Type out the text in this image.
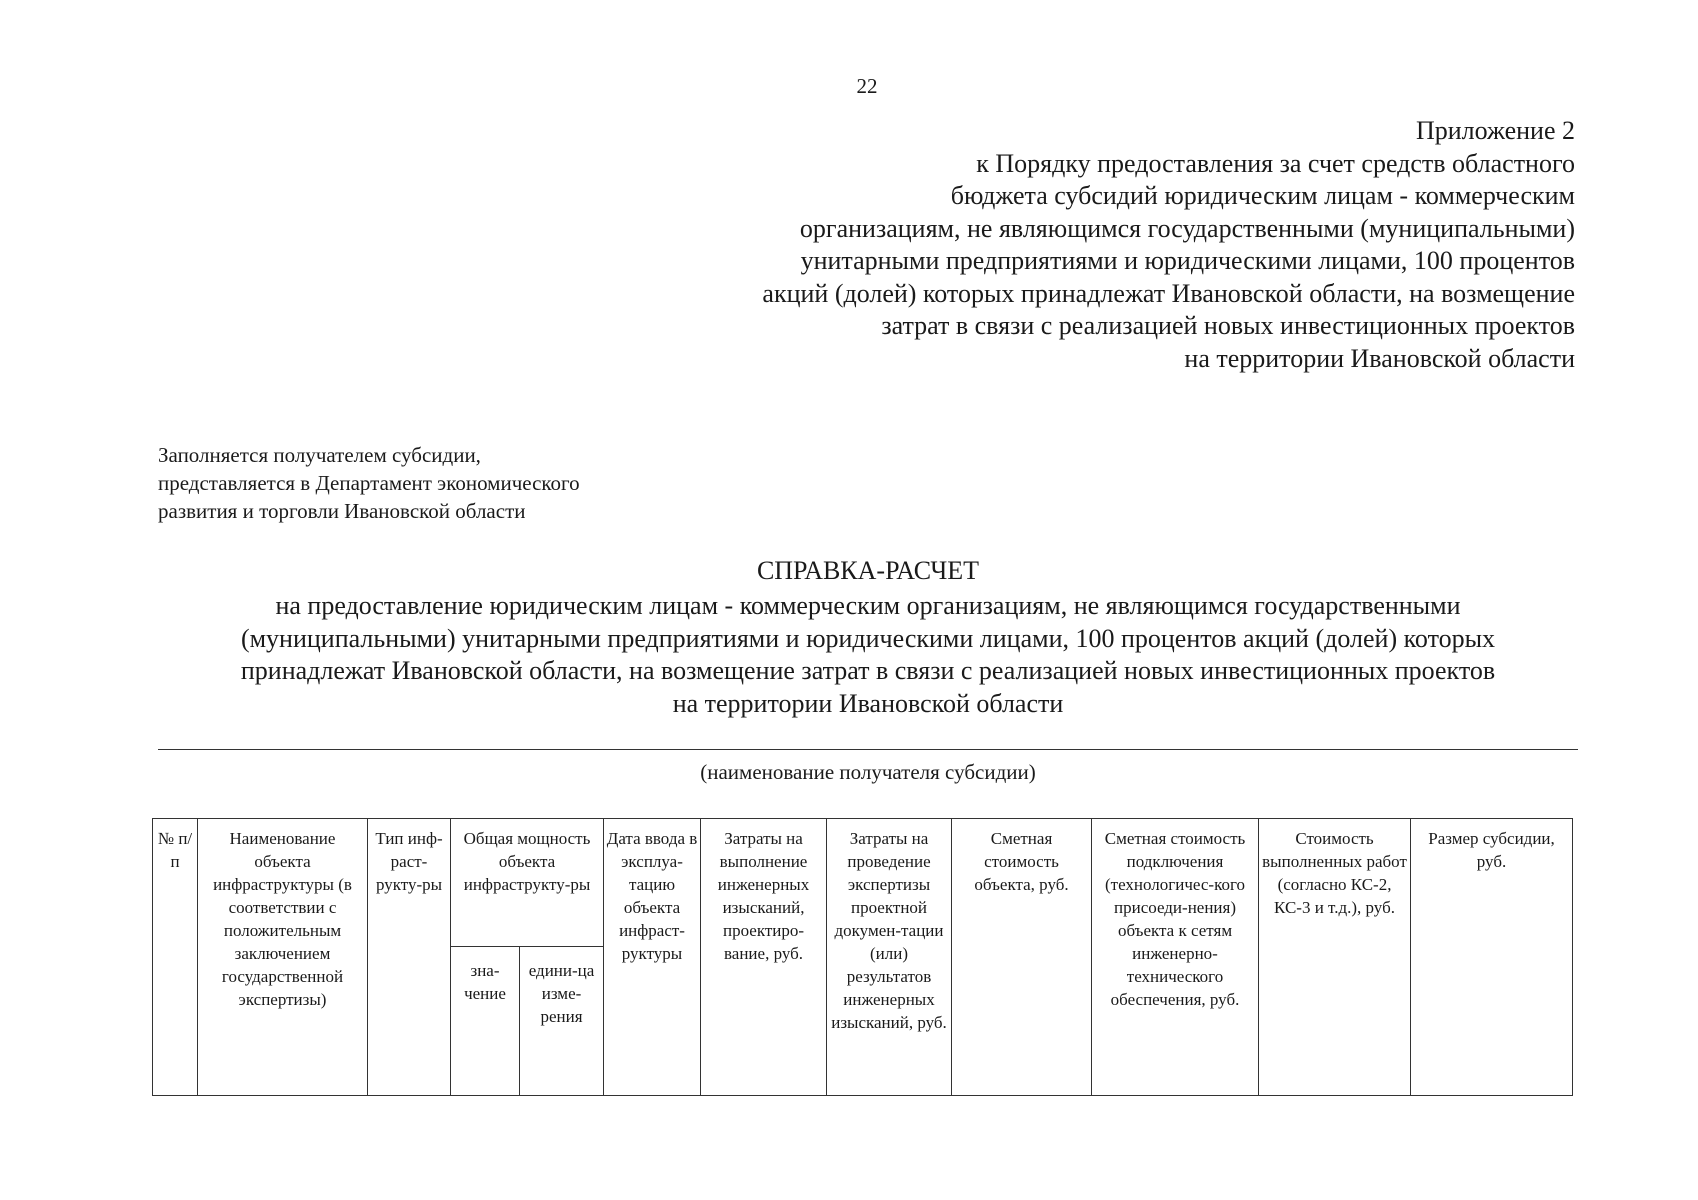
22
Приложение 2
к Порядку предоставления за счет средств областного
бюджета субсидий юридическим лицам - коммерческим
организациям, не являющимся государственными (муниципальными)
унитарными предприятиями и юридическими лицами, 100 процентов
акций (долей) которых принадлежат Ивановской области, на возмещение
затрат в связи с реализацией новых инвестиционных проектов
на территории Ивановской области
Заполняется получателем субсидии,
представляется в Департамент экономического
развития и торговли Ивановской области
СПРАВКА-РАСЧЕТ
на предоставление юридическим лицам - коммерческим организациям, не являющимся государственными
(муниципальными) унитарными предприятиями и юридическими лицами, 100 процентов акций (долей) которых
принадлежат Ивановской области, на возмещение затрат в связи с реализацией новых инвестиционных проектов
на территории Ивановской области
(наименование получателя субсидии)
№ п/п	Наименование объекта инфраструктуры (в соответствии с положительным заключением государственной экспертизы)	Тип инф-раст-рукту-ры	Общая мощность объекта инфраструкту-ры		Дата ввода в эксплуа-тацию объекта инфраст-руктуры	Затраты на выполнение инженерных изысканий, проектиро-вание, руб.	Затраты на проведение экспертизы проектной докумен-тации (или) результатов инженерных изысканий, руб.	Сметная стоимость объекта, руб.	Сметная стоимость подключения (технологичес-кого присоеди-нения) объекта к сетям инженерно-технического обеспечения, руб.	Стоимость выполненных работ (согласно КС-2, КС-3 и т.д.), руб.	Размер субсидии, руб.
			зна-чение	едини-ца изме-рения							
